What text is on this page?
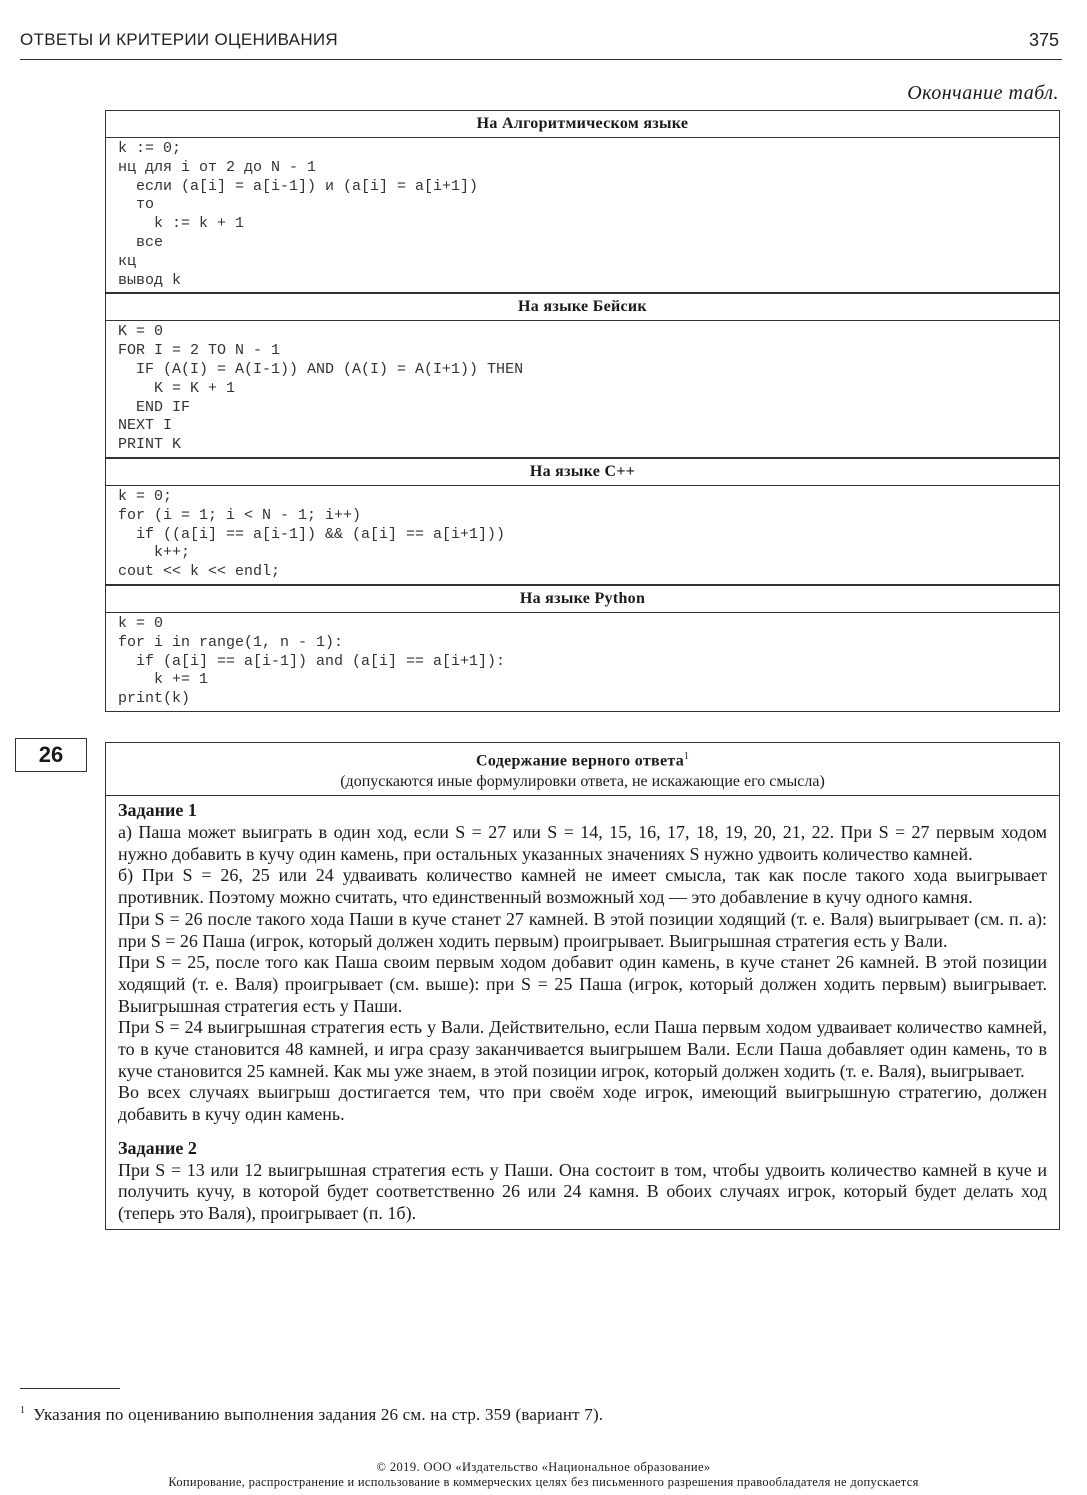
ОТВЕТЫ И КРИТЕРИИ ОЦЕНИВАНИЯ	375
Окончание табл.
На Алгоритмическом языке
k := 0;
нц для i от 2 до N - 1
если (a[i] = a[i-1]) и (a[i] = a[i+1])
то
k := k + 1
все
кц
вывод k
На языке Бейсик
K = 0
FOR I = 2 TO N - 1
IF (A(I) = A(I-1)) AND (A(I) = A(I+1)) THEN
K = K + 1
END IF
NEXT I
PRINT K
На языке C++
k = 0;
for (i = 1; i < N - 1; i++)
if ((a[i] == a[i-1]) && (a[i] == a[i+1]))
k++;
cout << k << endl;
На языке Python
k = 0
for i in range(1, n - 1):
if (a[i] == a[i-1]) and (a[i] == a[i+1]):
k += 1
print(k)
26	Содержание верного ответа$^1$
(допускаются иные формулировки ответа, не искажающие его смысла)

Задание 1

а) Паша может выиграть в один ход, если S = 27 или S = 14, 15, 16, 17, 18, 19, 20, 21, 22. При S = 27 первым ходом нужно добавить в кучу один камень, при остальных указанных значениях S нужно удвоить количество камней.

б) При S = 26, 25 или 24 удваивать количество камней не имеет смысла, так как после такого хода выигрывает противник. Поэтому можно считать, что единственный возможный ход — это добавление в кучу одного камня.

При S = 26 после такого хода Паши в куче станет 27 камней. В этой позиции ходящий (т. е. Валя) выигрывает (см. п. а): при S = 26 Паша (игрок, который должен ходить первым) проигрывает. Выигрышная стратегия есть у Вали.

При S = 25, после того как Паша своим первым ходом добавит один камень, в куче станет 26 камней. В этой позиции ходящий (т. е. Валя) проигрывает (см. выше): при S = 25 Паша (игрок, который должен ходить первым) выигрывает. Выигрышная стратегия есть у Паши.

При S = 24 выигрышная стратегия есть у Вали. Действительно, если Паша первым ходом удваивает количество камней, то в куче становится 48 камней, и игра сразу заканчивается выигрышем Вали. Если Паша добавляет один камень, то в куче становится 25 камней. Как мы уже знаем, в этой позиции игрок, который должен ходить (т. е. Валя), выигрывает.

Во всех случаях выигрыш достигается тем, что при своём ходе игрок, имеющий выигрышную стратегию, должен добавить в кучу один камень.

Задание 2

При S = 13 или 12 выигрышная стратегия есть у Паши. Она состоит в том, чтобы удвоить количество камней в куче и получить кучу, в которой будет соответственно 26 или 24 камня. В обоих случаях игрок, который будет делать ход (теперь это Валя), проигрывает (п. 1б).

$^1$ Указания по оцениванию выполнения задания 26 см. на стр. 359 (вариант 7).
© 2019. ООО «Издательство «Национальное образование»
Копирование, распространение и использование в коммерческих целях без письменного разрешения правообладателя не допускается
